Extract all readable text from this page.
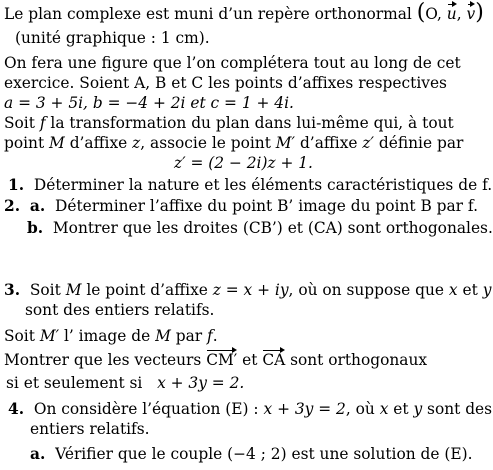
Le plan complexe est muni d’un repère orthonormal (O,
u,
v)
(unité graphique : 1 cm).
On fera une figure que l’on complétera tout au long de cet
exercice. Soient A, B et C les points d’affixes respectives
a = 3 + 5i, b = −4 + 2i et c = 1 + 4i.
Soit f la transformation du plan dans lui-même qui, à tout
point M d’affixe z, associe le point M′ d’affixe z′ définie par
z′ = (2 − 2i)z + 1.
1. Déterminer la nature et les éléments caractéristiques de f.
2. a. Déterminer l’affixe du point B’ image du point B par f.
b. Montrer que les droites (CB’) et (CA) sont orthogonales.
3. Soit M le point d’affixe z = x + iy, où on suppose que x et y
sont des entiers relatifs.
Soit M′ l’ image de M par f.
Montrer que les vecteurs
CM′ et
CA sont orthogonaux
si et seulement si   x + 3y = 2.
4. On considère l’équation (E) : x + 3y = 2, où x et y sont des
entiers relatifs.
a. Vérifier que le couple (−4 ; 2) est une solution de (E).
